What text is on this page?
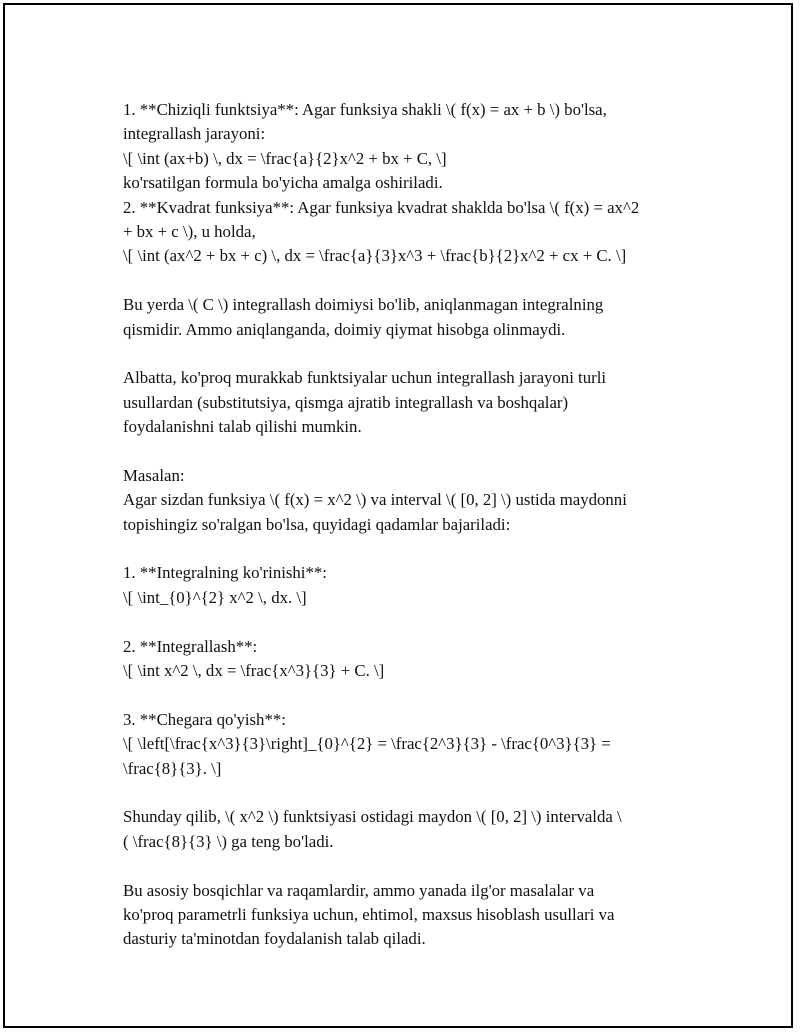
1. **Chiziqli funktsiya**: Agar funksiya shakli \( f(x) = ax + b \) bo'lsa,
integrallash jarayoni:
\[ \int (ax+b) \, dx = \frac{a}{2}x^2 + bx + C, \]
ko'rsatilgan formula bo'yicha amalga oshiriladi.
2. **Kvadrat funksiya**: Agar funksiya kvadrat shaklda bo'lsa \( f(x) = ax^2
+ bx + c \), u holda,
\[ \int (ax^2 + bx + c) \, dx = \frac{a}{3}x^3 + \frac{b}{2}x^2 + cx + C. \]
Bu yerda \( C \) integrallash doimiysi bo'lib, aniqlanmagan integralning
qismidir. Ammo aniqlanganda, doimiy qiymat hisobga olinmaydi.
Albatta, ko'proq murakkab funktsiyalar uchun integrallash jarayoni turli
usullardan (substitutsiya, qismga ajratib integrallash va boshqalar)
foydalanishni talab qilishi mumkin.
Masalan:
Agar sizdan funksiya \( f(x) = x^2 \) va interval \( [0, 2] \) ustida maydonni
topishingiz so'ralgan bo'lsa, quyidagi qadamlar bajariladi:
1. **Integralning ko'rinishi**:
\[ \int_{0}^{2} x^2 \, dx. \]
2. **Integrallash**:
\[ \int x^2 \, dx = \frac{x^3}{3} + C. \]
3. **Chegara qo'yish**:
\[ \left[\frac{x^3}{3}\right]_{0}^{2} = \frac{2^3}{3} - \frac{0^3}{3} =
\frac{8}{3}. \]
Shunday qilib, \( x^2 \) funktsiyasi ostidagi maydon \( [0, 2] \) intervalda \
( \frac{8}{3} \) ga teng bo'ladi.
Bu asosiy bosqichlar va raqamlardir, ammo yanada ilg'or masalalar va
ko'proq parametrli funksiya uchun, ehtimol, maxsus hisoblash usullari va
dasturiy ta'minotdan foydalanish talab qiladi.
